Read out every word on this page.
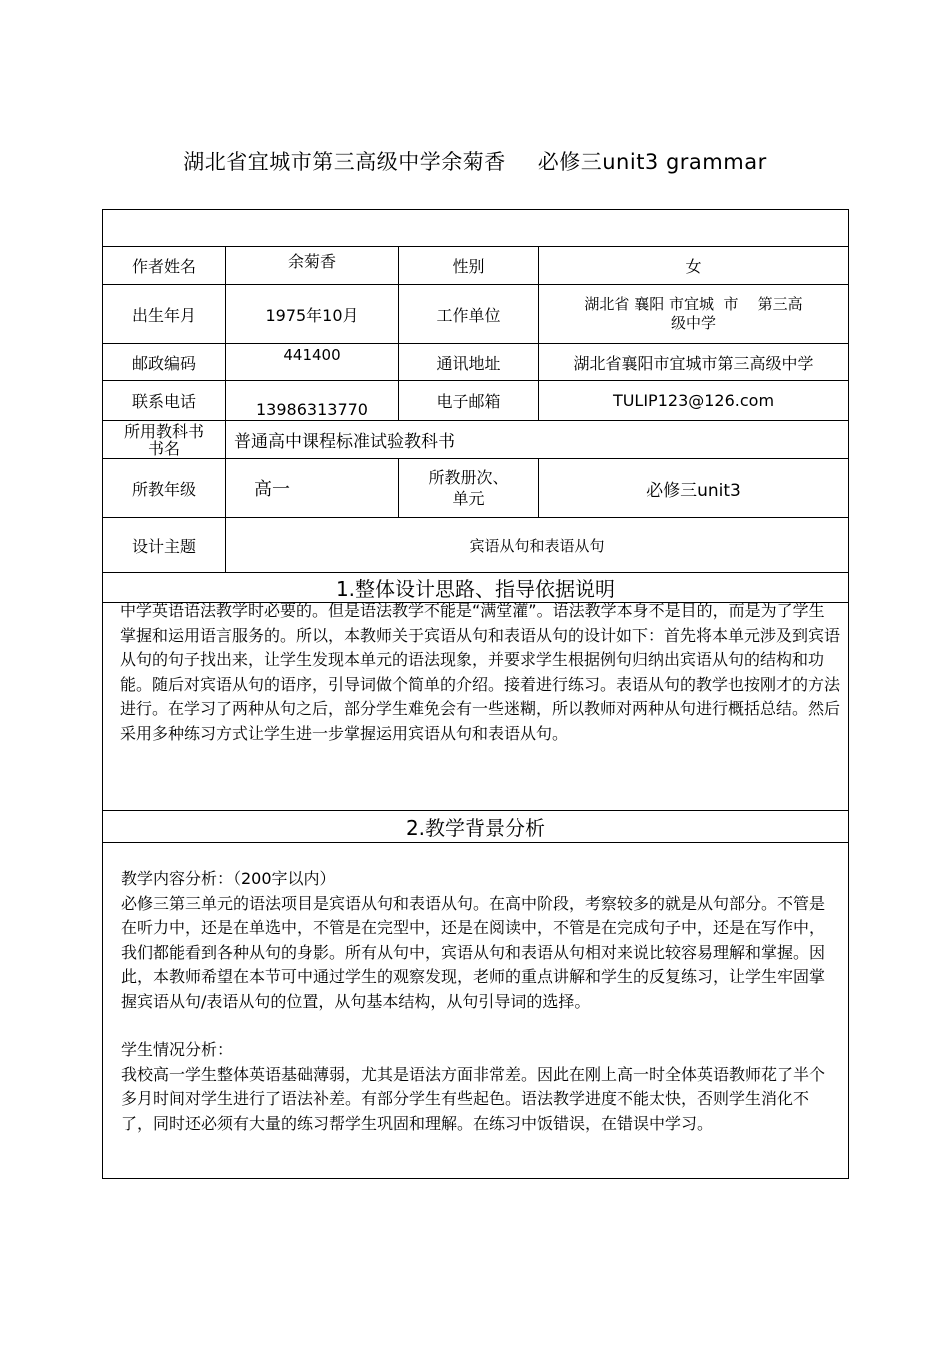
湖北省宜城市第三高级中学余菊香 必修三unit3 grammar

作者姓名	余菊香	性别	女
出生年月	1975年10月	工作单位	湖北省 襄阳 市宜城  市    第三高
级中学

邮政编码	441400	通讯地址	湖北省襄阳市宜城市第三高级中学
联系电话	13986313770	电子邮箱	TULIP123@126.com

所用教科书
书名	普通高中课程标准试验教科书		
所教年级	高一	所教册次、
单元	必修三unit3
设计主题	宾语从句和表语从句		
1.整体设计思路、指导依据说明			

中学英语语法教学时必要的。但是语法教学不能是“满堂灌”。语法教学本身不是目的，而是为了学生掌握和运用语言服务的。所以，本教师关于宾语从句和表语从句的设计如下：首先将本单元涉及到宾语从句的句子找出来，让学生发现本单元的语法现象，并要求学生根据例句归纳出宾语从句的结构和功能。随后对宾语从句的语序，引导词做个简单的介绍。接着进行练习。表语从句的教学也按刚才的方法进行。在学习了两种从句之后，部分学生难免会有一些迷糊，所以教师对两种从句进行概括总结。然后采用多种练习方式让学生进一步掌握运用宾语从句和表语从句。			

2.教学背景分析			

教学内容分析：（200字以内）

必修三第三单元的语法项目是宾语从句和表语从句。在高中阶段，考察较多的就是从句部分。不管是在听力中，还是在单选中，不管是在完型中，还是在阅读中，不管是在完成句子中，还是在写作中，我们都能看到各种从句的身影。所有从句中，宾语从句和表语从句相对来说比较容易理解和掌握。因此，本教师希望在本节可中通过学生的观察发现，老师的重点讲解和学生的反复练习，让学生牢固掌握宾语从句/表语从句的位置，从句基本结构，从句引导词的选择。

学生情况分析：

我校高一学生整体英语基础薄弱，尤其是语法方面非常差。因此在刚上高一时全体英语教师花了半个多月时间对学生进行了语法补差。有部分学生有些起色。语法教学进度不能太快，否则学生消化不了，同时还必须有大量的练习帮学生巩固和理解。在练习中饭错误，在错误中学习。			
